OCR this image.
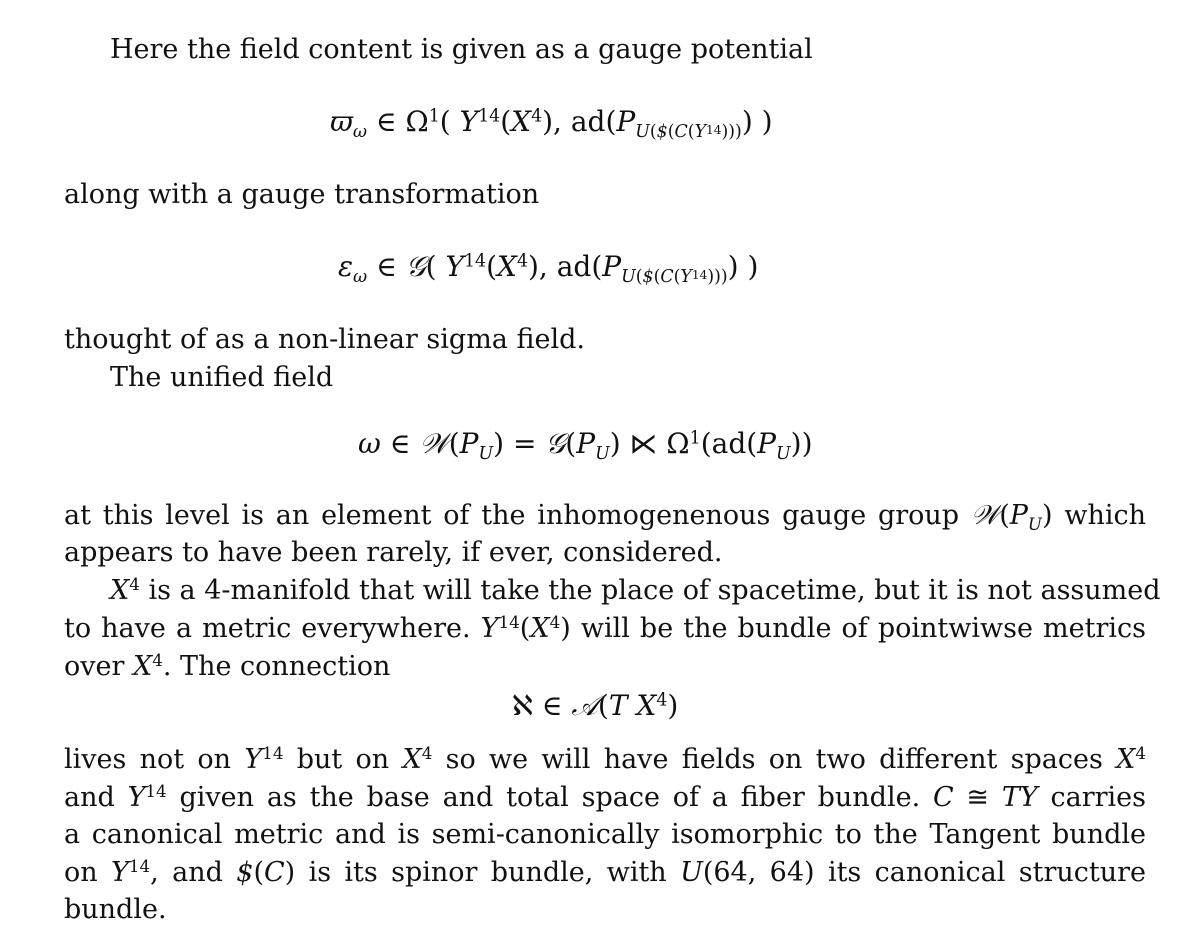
Here the field content is given as a gauge potential
$ϖ_\omega$ ∈ $\Omega^1$( $Y^{14}(X^4)$, $ad(P_{U(\$(C(Y14)))})$ )
along with a gauge transformation
$\varepsilon_\omega$ ∈ 𝒢( $Y^{14}(X^4)$, $ad(P_{U(\$(C(Y14)))})$ )
thought of as a non-linear sigma field.
The unified field
ω ∈ $𝒲(P_U)$ = $𝒢(P_U)$ ⋉ $\Omega^1(ad(P_U))$
at this level is an element of the inhomogenenous gauge group $𝒲(P_U)$ which
appears to have been rarely, if ever, considered.
$X^4$ is a 4-manifold that will take the place of spacetime, but it is not assumed
to have a metric everywhere. $Y^{14}(X^4)$ will be the bundle of pointwiwse metrics
over $X^4$. The connection
ℵ ∈ 𝒜(T $X^4$)
lives not on $Y^{14}$ but on $X^4$ so we will have fields on two different spaces $X^4$
and $Y^{14}$ given as the base and total space of a fiber bundle. C ≅ TY carries
a canonical metric and is semi-canonically isomorphic to the Tangent bundle
on $Y^{14}$, and $(C) is its spinor bundle, with U(64, 64) its canonical structure
bundle.
